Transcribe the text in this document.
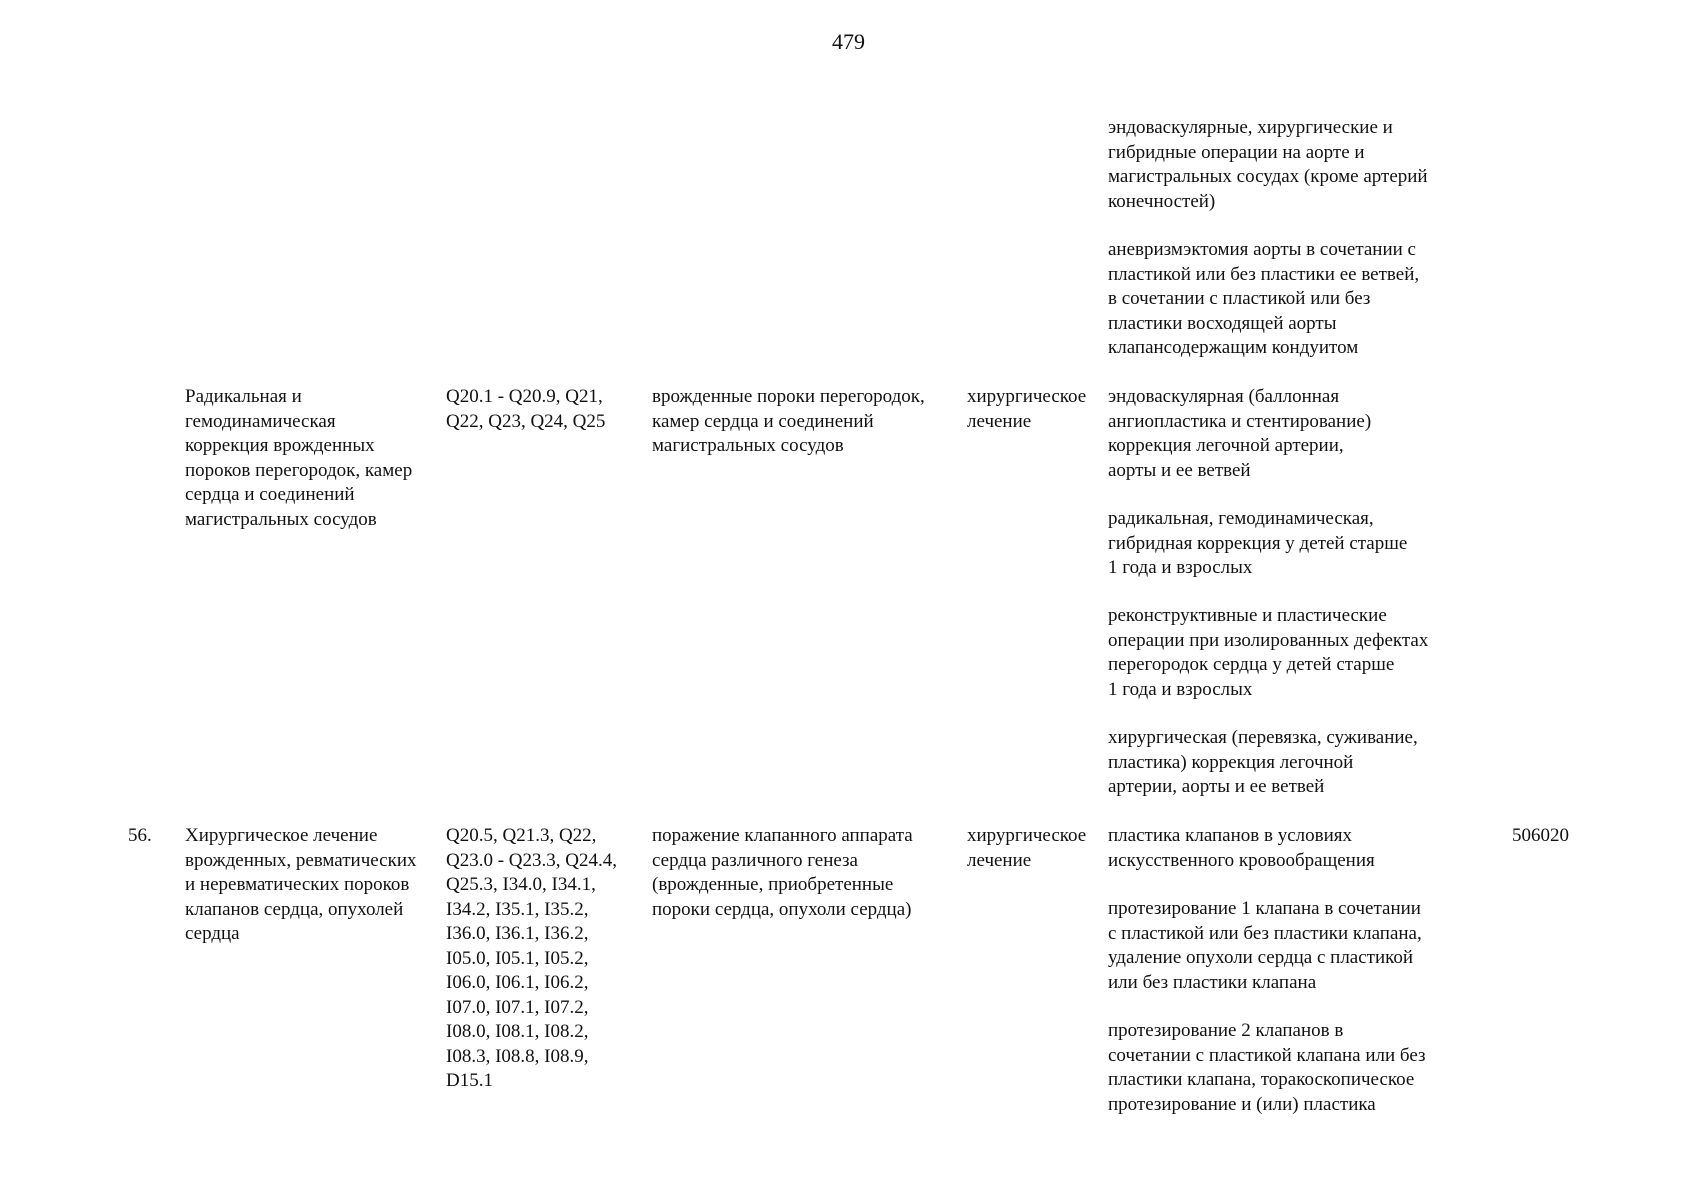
479
эндоваскулярные, хирургические и
гибридные операции на аорте и
магистральных сосудах (кроме артерий
конечностей)
аневризмэктомия аорты в сочетании с
пластикой или без пластики ее ветвей,
в сочетании с пластикой или без
пластики восходящей аорты
клапансодержащим кондуитом
Радикальная и
гемодинамическая
коррекция врожденных
пороков перегородок, камер
сердца и соединений
магистральных сосудов
Q20.1 - Q20.9, Q21,
Q22, Q23, Q24, Q25
врожденные пороки перегородок,
камер сердца и соединений
магистральных сосудов
хирургическое
лечение
эндоваскулярная (баллонная
ангиопластика и стентирование)
коррекция легочной артерии,
аорты и ее ветвей
радикальная, гемодинамическая,
гибридная коррекция у детей старше
1 года и взрослых
реконструктивные и пластические
операции при изолированных дефектах
перегородок сердца у детей старше
1 года и взрослых
хирургическая (перевязка, суживание,
пластика) коррекция легочной
артерии, аорты и ее ветвей
56. Хирургическое лечение
врожденных, ревматических
и неревматических пороков
клапанов сердца, опухолей
сердца
Q20.5, Q21.3, Q22,
Q23.0 - Q23.3, Q24.4,
Q25.3, I34.0, I34.1,
I34.2, I35.1, I35.2,
I36.0, I36.1, I36.2,
I05.0, I05.1, I05.2,
I06.0, I06.1, I06.2,
I07.0, I07.1, I07.2,
I08.0, I08.1, I08.2,
I08.3, I08.8, I08.9,
D15.1
поражение клапанного аппарата
сердца различного генеза
(врожденные, приобретенные
пороки сердца, опухоли сердца)
хирургическое
лечение
пластика клапанов в условиях
искусственного кровообращения
протезирование 1 клапана в сочетании
с пластикой или без пластики клапана,
удаление опухоли сердца с пластикой
или без пластики клапана
протезирование 2 клапанов в
сочетании с пластикой клапана или без
пластики клапана, торакоскопическое
протезирование и (или) пластика
506020
